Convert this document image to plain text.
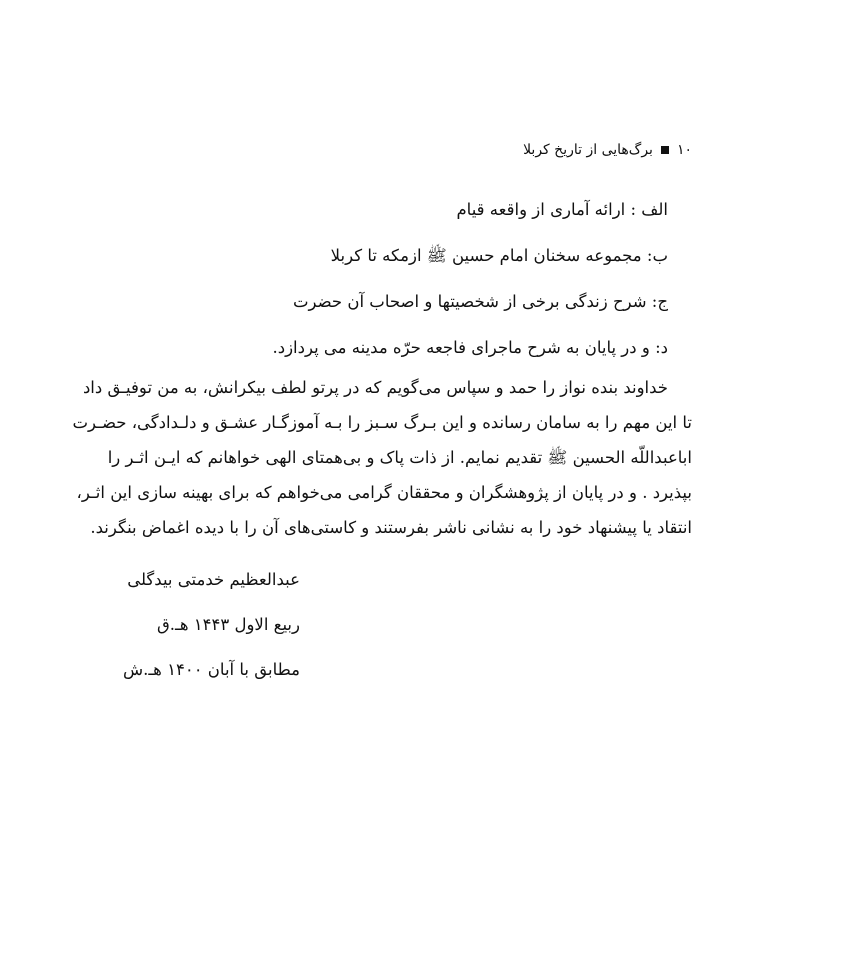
۱۰
برگ‌هایی از تاریخ کربلا
الف : ارائه آماری از واقعه قیام
ب: مجموعه سخنان امام حسین ﷺ ازمکه تا کربلا
ج: شرح زندگی برخی از شخصیتها و اصحاب آن حضرت
د: و در پایان به شرح ماجرای فاجعه حرّه مدینه می پردازد.
خداوند بنده نواز را حمد و سپاس می‌گویم که در پرتو لطف بیکرانش، به من توفیـق داد
تا این مهم را به سامان رسانده و این بـرگ سـبز را بـه آموزگـار عشـق و دلـدادگی، حضـرت
اباعبداللّه الحسین ﷺ تقدیم نمایم. از ذات پاک و بی‌همتای الهی خواهانم که ایـن اثـر را
بپذیرد . و در پایان از پژوهشگران و محققان گرامی می‌خواهم که برای بهینه سازی این اثـر،
انتقاد یا پیشنهاد خود را به نشانی ناشر بفرستند و کاستی‌های آن را با دیده اغماض بنگرند.
عبدالعظیم خدمتی بیدگلی
ربیع الاول ۱۴۴۳ هـ.ق
مطابق با آبان ۱۴۰۰ هـ.ش
